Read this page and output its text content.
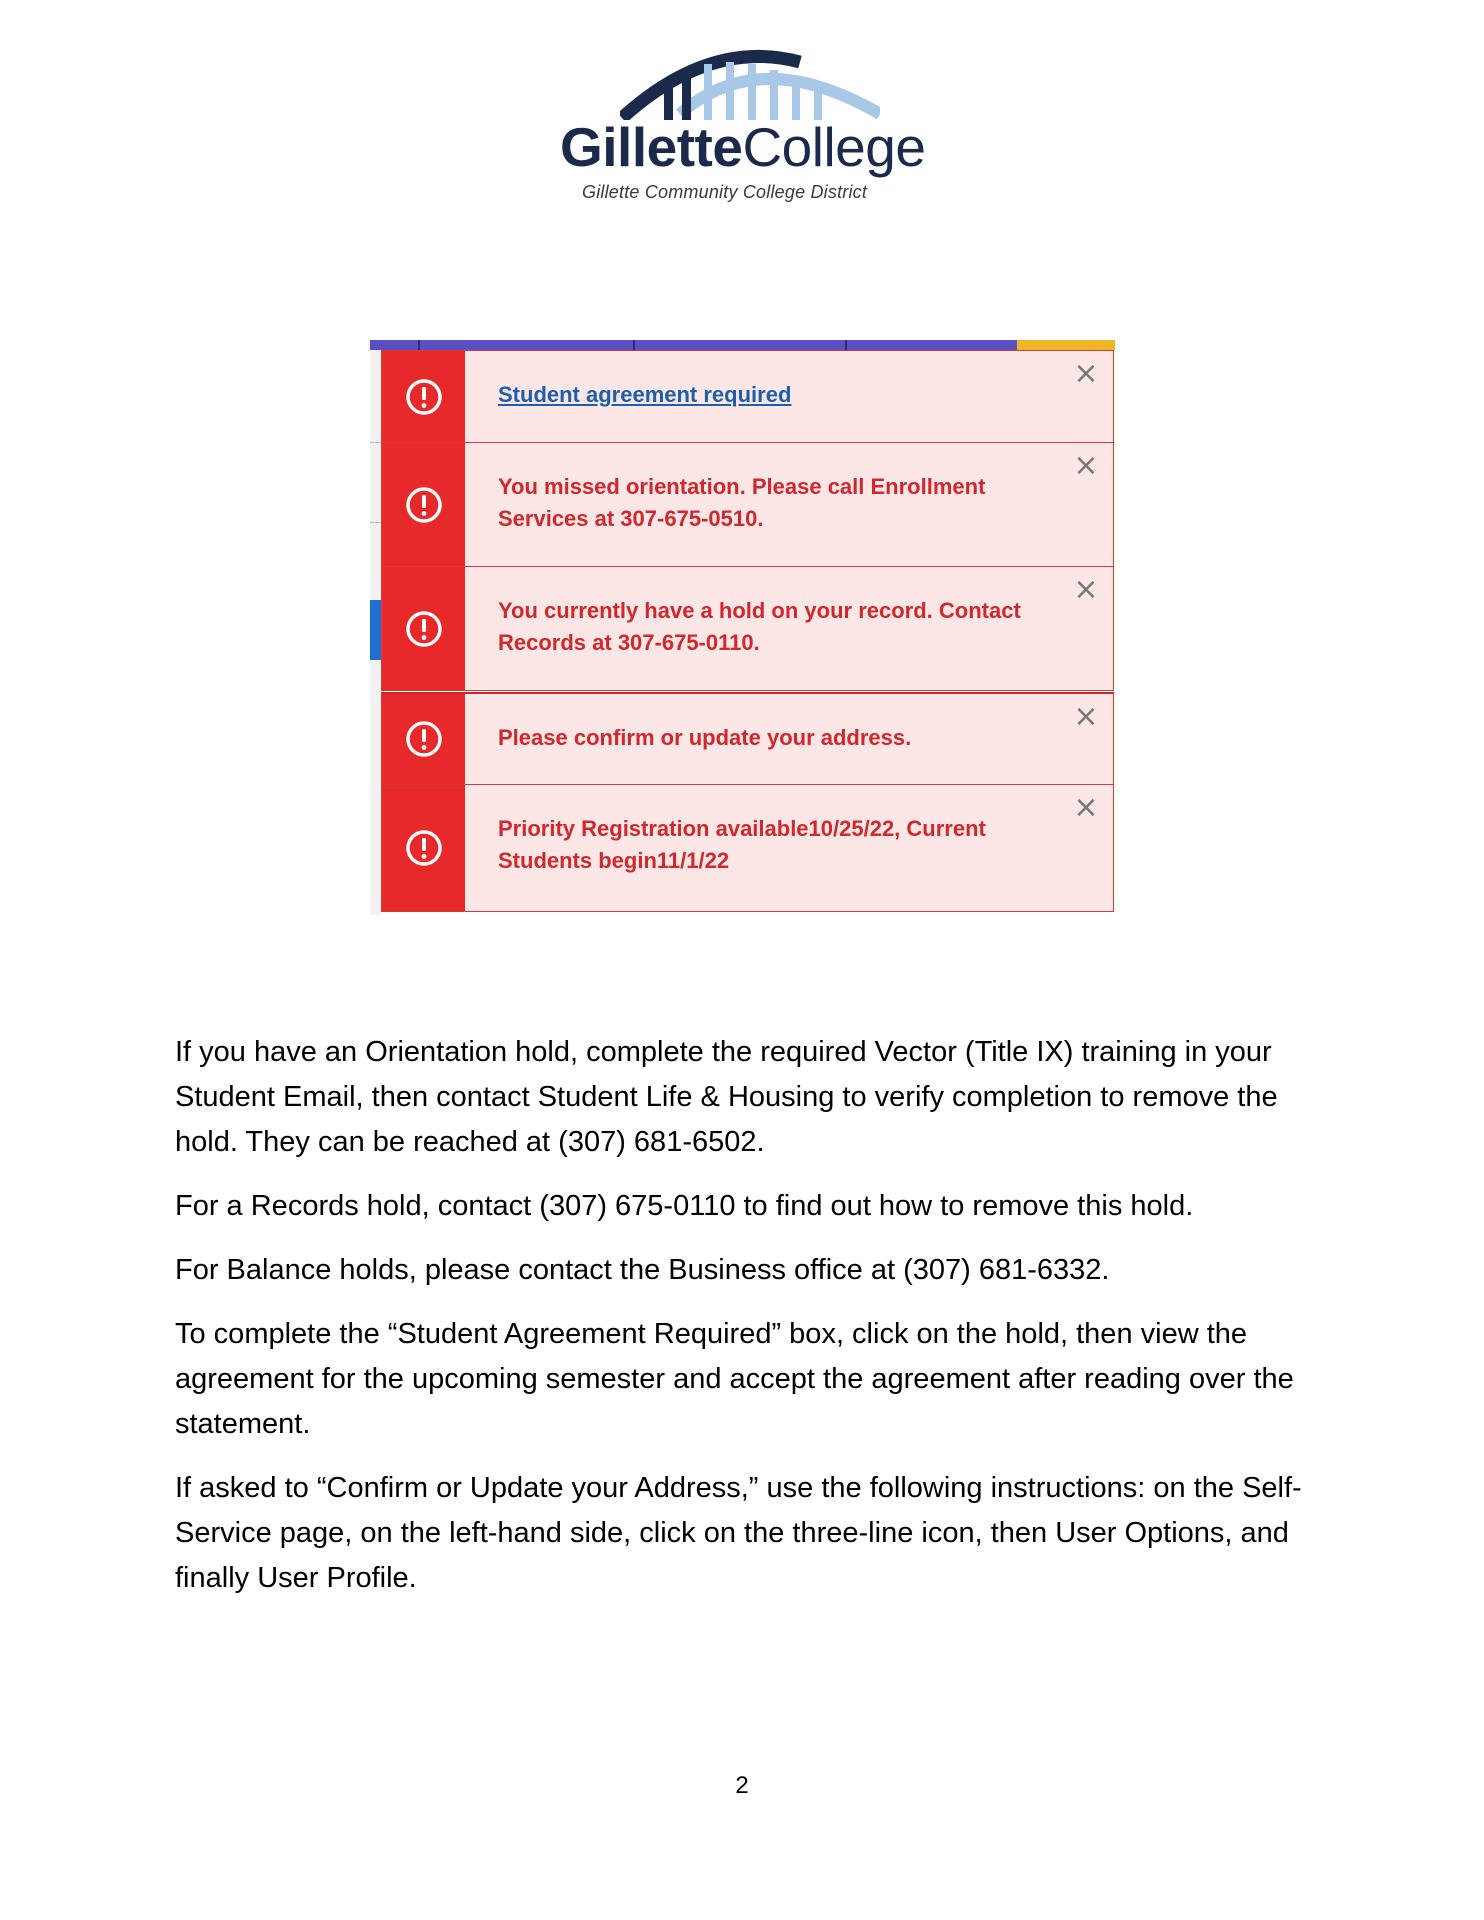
GilletteCollege
Gillette Community College District
Student agreement required
×
You missed orientation. Please call Enrollment Services at 307-675-0510.
×
You currently have a hold on your record. Contact Records at 307-675-0110.
×
Please confirm or update your address.
×
Priority Registration available10/25/22, Current Students begin11/1/22
×

If you have an Orientation hold, complete the required Vector (Title IX) training in your Student Email, then contact Student Life & Housing to verify completion to remove the hold. They can be reached at (307) 681-6502.

For a Records hold, contact (307) 675-0110 to find out how to remove this hold.

For Balance holds, please contact the Business office at (307) 681-6332.

To complete the “Student Agreement Required” box, click on the hold, then view the agreement for the upcoming semester and accept the agreement after reading over the statement.

If asked to “Confirm or Update your Address,” use the following instructions: on the Self-Service page, on the left-hand side, click on the three-line icon, then User Options, and finally User Profile.

2
